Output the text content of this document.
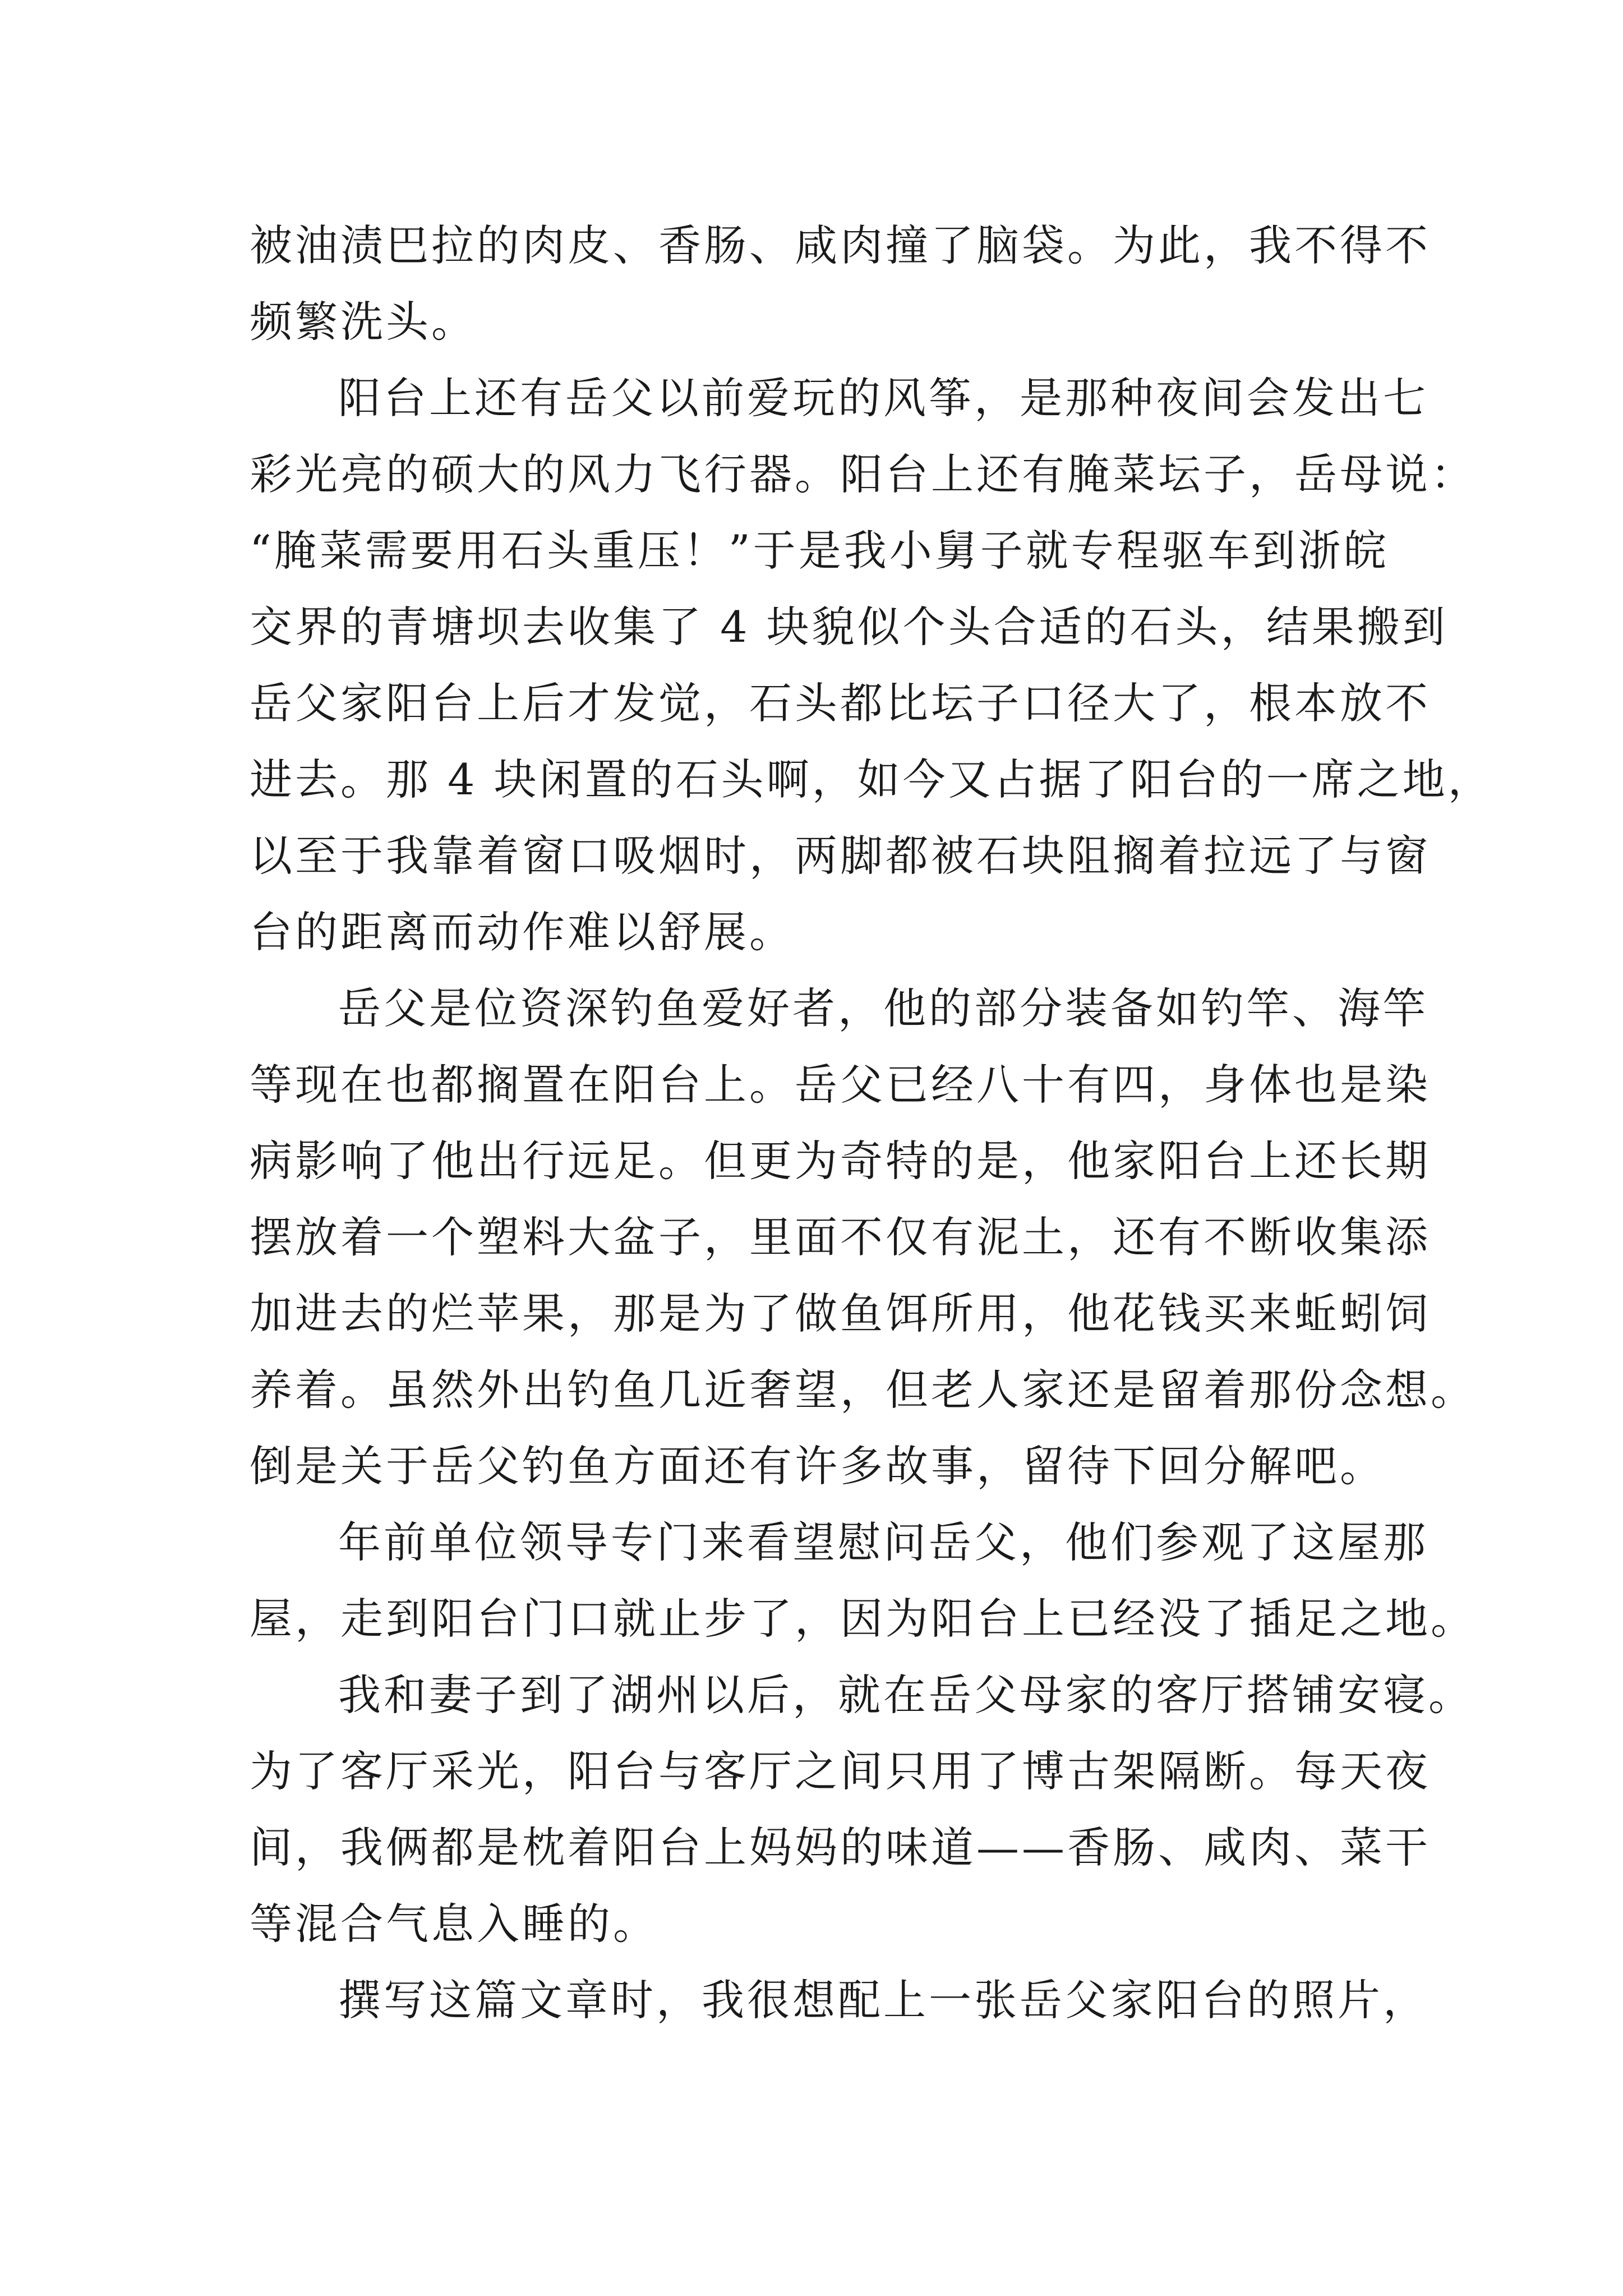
被油渍巴拉的肉皮、香肠、咸肉撞了脑袋。为此，我不得不
频繁洗头。
阳台上还有岳父以前爱玩的风筝，是那种夜间会发出七
彩光亮的硕大的风力飞行器。阳台上还有腌菜坛子，岳母说：
“腌菜需要用石头重压！”于是我小舅子就专程驱车到浙皖
交界的青塘坝去收集了 4 块貌似个头合适的石头，结果搬到
岳父家阳台上后才发觉，石头都比坛子口径大了，根本放不
进去。那 4 块闲置的石头啊，如今又占据了阳台的一席之地，
以至于我靠着窗口吸烟时，两脚都被石块阻搁着拉远了与窗
台的距离而动作难以舒展。
岳父是位资深钓鱼爱好者，他的部分装备如钓竿、海竿
等现在也都搁置在阳台上。岳父已经八十有四，身体也是染
病影响了他出行远足。但更为奇特的是，他家阳台上还长期
摆放着一个塑料大盆子，里面不仅有泥土，还有不断收集添
加进去的烂苹果，那是为了做鱼饵所用，他花钱买来蚯蚓饲
养着。虽然外出钓鱼几近奢望，但老人家还是留着那份念想。
倒是关于岳父钓鱼方面还有许多故事，留待下回分解吧。
年前单位领导专门来看望慰问岳父，他们参观了这屋那
屋，走到阳台门口就止步了，因为阳台上已经没了插足之地。
我和妻子到了湖州以后，就在岳父母家的客厅搭铺安寝。
为了客厅采光，阳台与客厅之间只用了博古架隔断。每天夜
间，我俩都是枕着阳台上妈妈的味道——香肠、咸肉、菜干
等混合气息入睡的。
撰写这篇文章时，我很想配上一张岳父家阳台的照片，
